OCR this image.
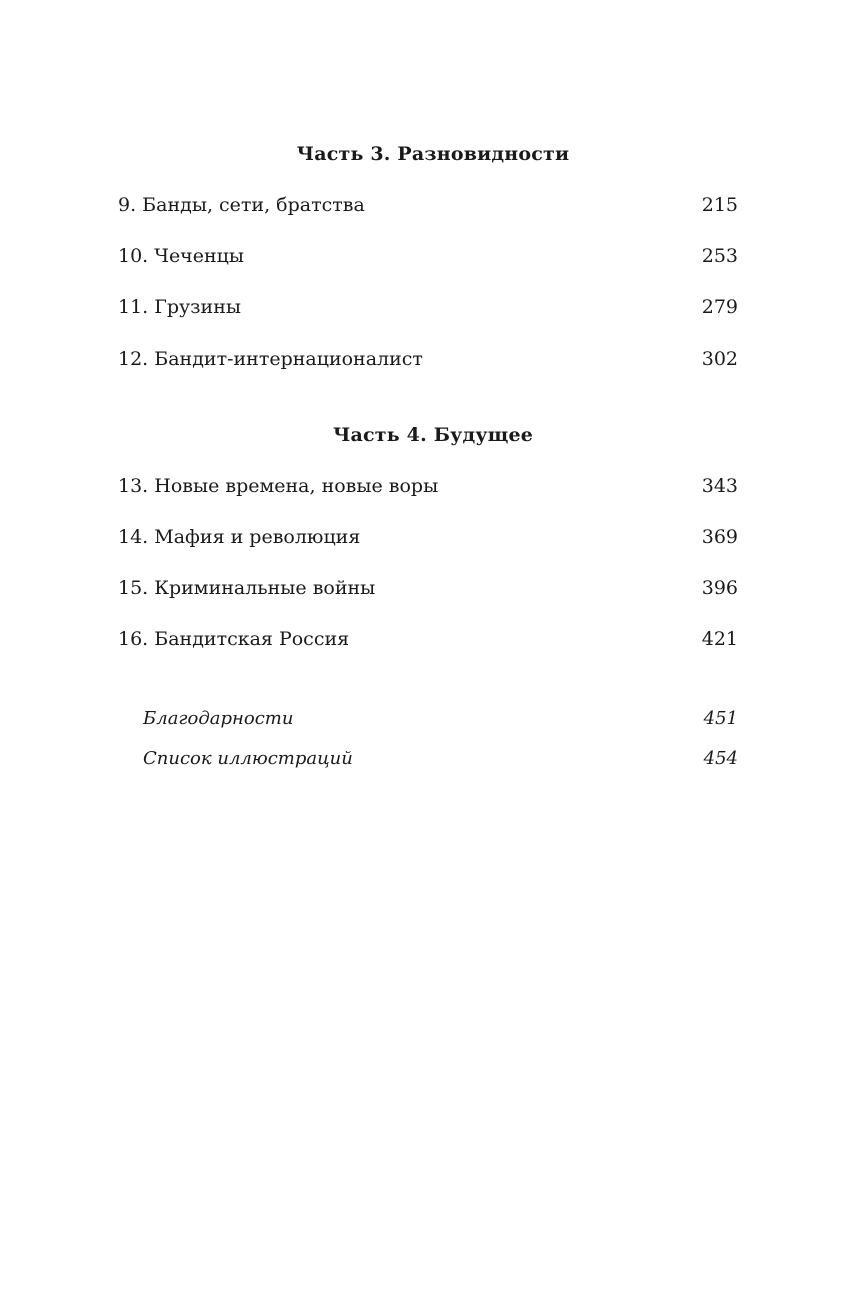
Часть 3. Разновидности
9. Банды, сети, братства	215
10. Чеченцы	253
11. Грузины	279
12. Бандит-интернационалист	302
Часть 4. Будущее
13. Новые времена, новые воры	343
14. Мафия и революция	369
15. Криминальные войны	396
16. Бандитская Россия	421
Благодарности	451
Список иллюстраций	454
